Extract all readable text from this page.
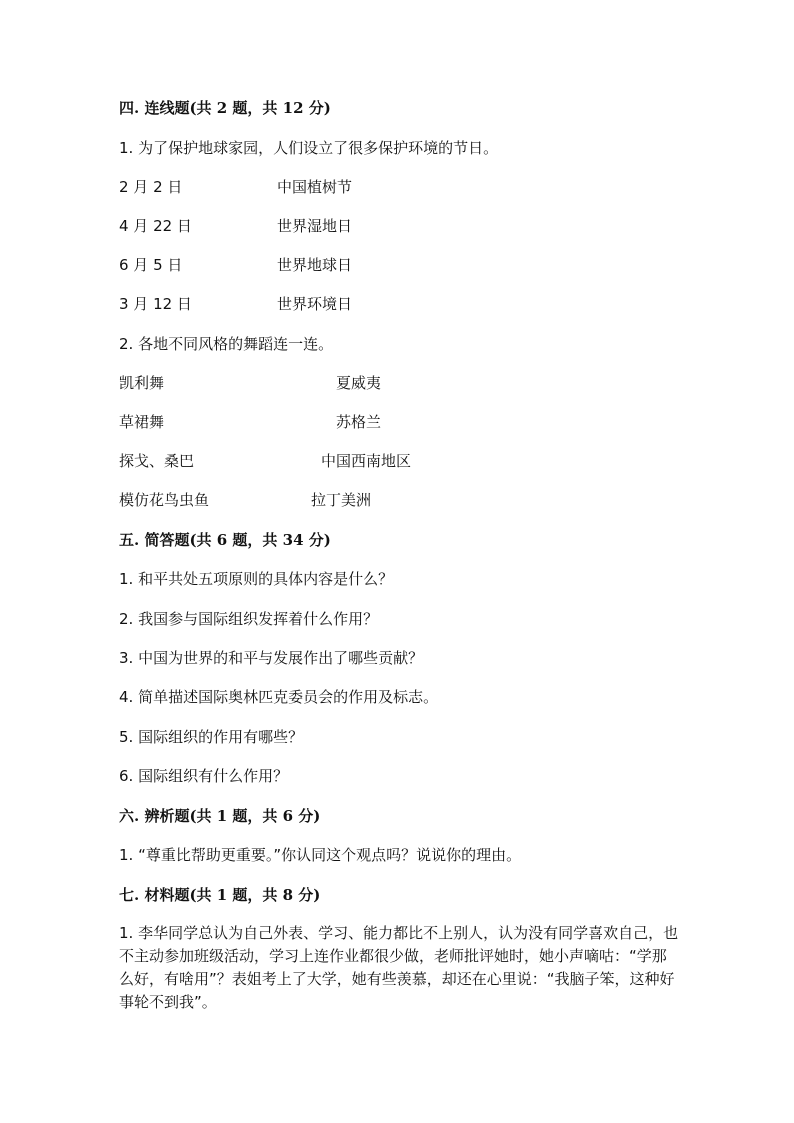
四. 连线题(共 2 题，共 12 分)
1. 为了保护地球家园，人们设立了很多保护环境的节日。
2 月 2 日	中国植树节
4 月 22 日	世界湿地日
6 月 5 日	世界地球日
3 月 12 日	世界环境日
2. 各地不同风格的舞蹈连一连。
凯利舞	夏威夷
草裙舞	苏格兰
探戈、桑巴	中国西南地区
模仿花鸟虫鱼	拉丁美洲
五. 简答题(共 6 题，共 34 分)
1. 和平共处五项原则的具体内容是什么？
2. 我国参与国际组织发挥着什么作用？
3. 中国为世界的和平与发展作出了哪些贡献？
4. 简单描述国际奥林匹克委员会的作用及标志。
5. 国际组织的作用有哪些？
6. 国际组织有什么作用？
六. 辨析题(共 1 题，共 6 分)
1. “尊重比帮助更重要。”你认同这个观点吗？说说你的理由。
七. 材料题(共 1 题，共 8 分)
1. 李华同学总认为自己外表、学习、能力都比不上别人，认为没有同学喜欢自己，也不主动参加班级活动，学习上连作业都很少做，老师批评她时，她小声嘀咕：“学那么好，有啥用”？表姐考上了大学，她有些羡慕，却还在心里说：“我脑子笨，这种好事轮不到我”。
